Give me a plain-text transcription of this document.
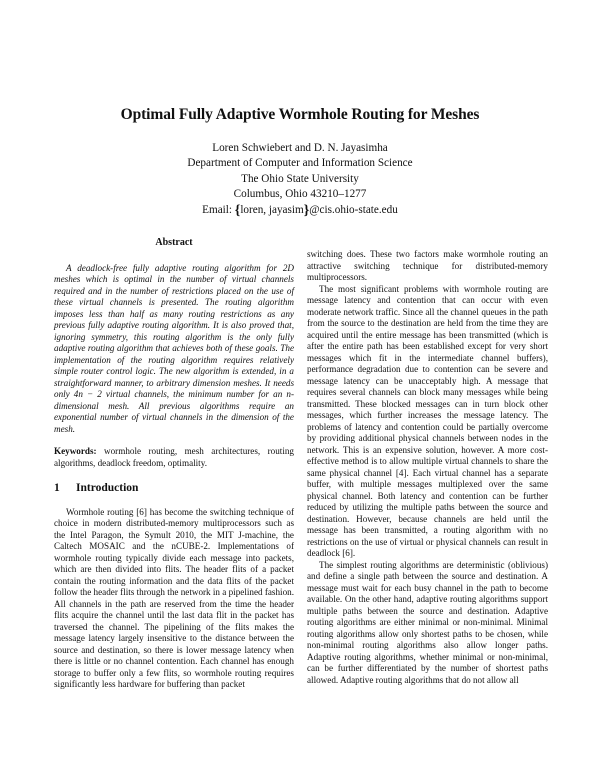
Optimal Fully Adaptive Wormhole Routing for Meshes
Loren Schwiebert and D. N. Jayasimha
Department of Computer and Information Science
The Ohio State University
Columbus, Ohio 43210–1277
Email: {loren, jayasim}@cis.ohio-state.edu
Abstract

A deadlock-free fully adaptive routing algorithm for 2D meshes which is optimal in the number of virtual channels required and in the number of restrictions placed on the use of these virtual channels is presented. The routing algorithm imposes less than half as many routing restrictions as any previous fully adaptive routing algorithm. It is also proved that, ignoring symmetry, this routing algorithm is the only fully adaptive routing algorithm that achieves both of these goals. The implementation of the routing algorithm requires relatively simple router control logic. The new algorithm is extended, in a straightforward manner, to arbitrary dimension meshes. It needs only 4n − 2 virtual channels, the minimum number for an n-dimensional mesh. All previous algorithms require an exponential number of virtual channels in the dimension of the mesh.

Keywords: wormhole routing, mesh architectures, routing algorithms, deadlock freedom, optimality.

1 Introduction

Wormhole routing [6] has become the switching technique of choice in modern distributed-memory multiprocessors such as the Intel Paragon, the Symult 2010, the MIT J-machine, the Caltech MOSAIC and the nCUBE-2. Implementations of wormhole routing typically divide each message into packets, which are then divided into flits. The header flits of a packet contain the routing information and the data flits of the packet follow the header flits through the network in a pipelined fashion. All channels in the path are reserved from the time the header flits acquire the channel until the last data flit in the packet has traversed the channel. The pipelining of the flits makes the message latency largely insensitive to the distance between the source and destination, so there is lower message latency when there is little or no channel contention. Each channel has enough storage to buffer only a few flits, so wormhole routing requires significantly less hardware for buffering than packet

switching does. These two factors make wormhole routing an attractive switching technique for distributed-memory multiprocessors.

The most significant problems with wormhole routing are message latency and contention that can occur with even moderate network traffic. Since all the channel queues in the path from the source to the destination are held from the time they are acquired until the entire message has been transmitted (which is after the entire path has been established except for very short messages which fit in the intermediate channel buffers), performance degradation due to contention can be severe and message latency can be unacceptably high. A message that requires several channels can block many messages while being transmitted. These blocked messages can in turn block other messages, which further increases the message latency. The problems of latency and contention could be partially overcome by providing additional physical channels between nodes in the network. This is an expensive solution, however. A more cost-effective method is to allow multiple virtual channels to share the same physical channel [4]. Each virtual channel has a separate buffer, with multiple messages multiplexed over the same physical channel. Both latency and contention can be further reduced by utilizing the multiple paths between the source and destination. However, because channels are held until the message has been transmitted, a routing algorithm with no restrictions on the use of virtual or physical channels can result in deadlock [6].

The simplest routing algorithms are deterministic (oblivious) and define a single path between the source and destination. A message must wait for each busy channel in the path to become available. On the other hand, adaptive routing algorithms support multiple paths between the source and destination. Adaptive routing algorithms are either minimal or non-minimal. Minimal routing algorithms allow only shortest paths to be chosen, while non-minimal routing algorithms also allow longer paths. Adaptive routing algorithms, whether minimal or non-minimal, can be further differentiated by the number of shortest paths allowed. Adaptive routing algorithms that do not allow all
